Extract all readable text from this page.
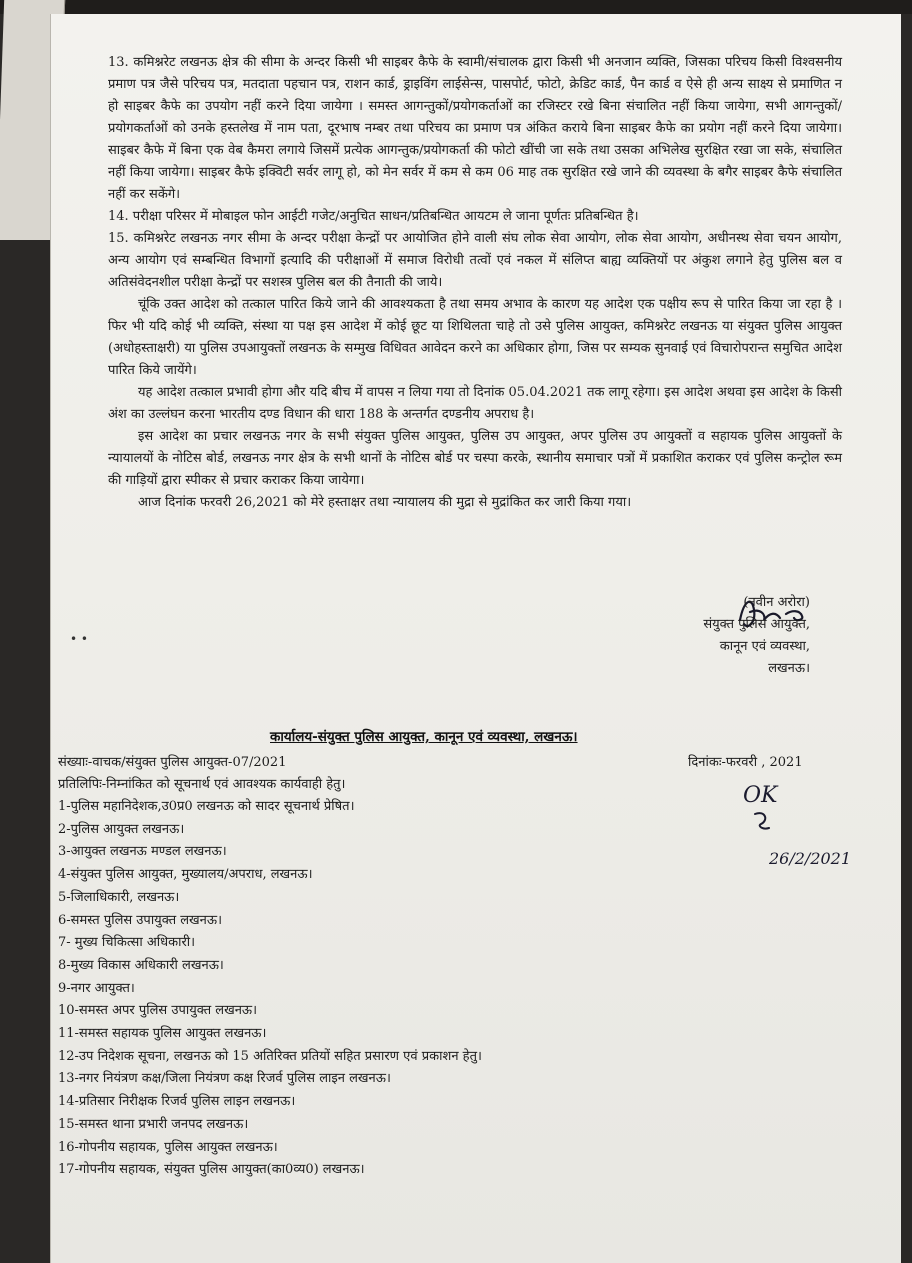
13. कमिश्नरेट लखनऊ क्षेत्र की सीमा के अन्दर किसी भी साइबर कैफे के स्वामी/संचालक द्वारा किसी भी अनजान व्यक्ति, जिसका परिचय किसी विश्वसनीय प्रमाण पत्र जैसे परिचय पत्र, मतदाता पहचान पत्र, राशन कार्ड, ड्राइविंग लाईसेन्स, पासपोर्ट, फोटो, क्रेडिट कार्ड, पैन कार्ड व ऐसे ही अन्य साक्ष्य से प्रमाणित न हो साइबर कैफे का उपयोग नहीं करने दिया जायेगा । समस्त आगन्तुकों/प्रयोगकर्ताओं का रजिस्टर रखे बिना संचालित नहीं किया जायेगा, सभी आगन्तुकों/प्रयोगकर्ताओं को उनके हस्तलेख में नाम पता, दूरभाष नम्बर तथा परिचय का प्रमाण पत्र अंकित कराये बिना साइबर कैफे का प्रयोग नहीं करने दिया जायेगा। साइबर कैफे में बिना एक वेब कैमरा लगाये जिसमें प्रत्येक आगन्तुक/प्रयोगकर्ता की फोटो खींची जा सके तथा उसका अभिलेख सुरक्षित रखा जा सके, संचालित नहीं किया जायेगा। साइबर कैफे इक्विटी सर्वर लागू हो, को मेन सर्वर में कम से कम 06 माह तक सुरक्षित रखे जाने की व्यवस्था के बगैर साइबर कैफे संचालित नहीं कर सकेंगे।

14. परीक्षा परिसर में मोबाइल फोन आईटी गजेट/अनुचित साधन/प्रतिबन्धित आयटम ले जाना पूर्णतः प्रतिबन्धित है।

15. कमिश्नरेट लखनऊ नगर सीमा के अन्दर परीक्षा केन्द्रों पर आयोजित होने वाली संघ लोक सेवा आयोग, लोक सेवा आयोग, अधीनस्थ सेवा चयन आयोग, अन्य आयोग एवं सम्बन्धित विभागों इत्यादि की परीक्षाओं में समाज विरोधी तत्वों एवं नकल में संलिप्त बाह्य व्यक्तियों पर अंकुश लगाने हेतु पुलिस बल व अतिसंवेदनशील परीक्षा केन्द्रों पर सशस्त्र पुलिस बल की तैनाती की जाये।

चूंकि उक्त आदेश को तत्काल पारित किये जाने की आवश्यकता है तथा समय अभाव के कारण यह आदेश एक पक्षीय रूप से पारित किया जा रहा है । फिर भी यदि कोई भी व्यक्ति, संस्था या पक्ष इस आदेश में कोई छूट या शिथिलता चाहे तो उसे पुलिस आयुक्त, कमिश्नरेट लखनऊ या संयुक्त पुलिस आयुक्त (अधोहस्ताक्षरी) या पुलिस उपआयुक्तों लखनऊ के सम्मुख विधिवत आवेदन करने का अधिकार होगा, जिस पर सम्यक सुनवाई एवं विचारोपरान्त समुचित आदेश पारित किये जायेंगे।

यह आदेश तत्काल प्रभावी होगा और यदि बीच में वापस न लिया गया तो दिनांक 05.04.2021 तक लागू रहेगा। इस आदेश अथवा इस आदेश के किसी अंश का उल्लंघन करना भारतीय दण्ड विधान की धारा 188 के अन्तर्गत दण्डनीय अपराध है।

इस आदेश का प्रचार लखनऊ नगर के सभी संयुक्त पुलिस आयुक्त, पुलिस उप आयुक्त, अपर पुलिस उप आयुक्तों व सहायक पुलिस आयुक्तों के न्यायालयों के नोटिस बोर्ड, लखनऊ नगर क्षेत्र के सभी थानों के नोटिस बोर्ड पर चस्पा करके, स्थानीय समाचार पत्रों में प्रकाशित कराकर एवं पुलिस कन्ट्रोल रूम की गाड़ियों द्वारा स्पीकर से प्रचार कराकर किया जायेगा।

आज दिनांक फरवरी 26,2021 को मेरे हस्ताक्षर तथा न्यायालय की मुद्रा से मुद्रांकित कर जारी किया गया।

• •
(नवीन अरोरा)
संयुक्त पुलिस आयुक्त,
कानून एवं व्यवस्था,
लखनऊ।
कार्यालय-संयुक्त पुलिस आयुक्त, कानून एवं व्यवस्था, लखनऊ।
संख्याः-वाचक/संयुक्त पुलिस आयुक्त-07/2021	दिनांकः-फरवरी , 2021
प्रतिलिपिः-निम्नांकित को सूचनार्थ एवं आवश्यक कार्यवाही हेतु।
1-पुलिस महानिदेशक,उ0प्र0 लखनऊ को सादर सूचनार्थ प्रेषित।
2-पुलिस आयुक्त लखनऊ।
3-आयुक्त लखनऊ मण्डल लखनऊ।
4-संयुक्त पुलिस आयुक्त, मुख्यालय/अपराध, लखनऊ।
5-जिलाधिकारी, लखनऊ।
6-समस्त पुलिस उपायुक्त लखनऊ।
7- मुख्य चिकित्सा अधिकारी।
8-मुख्य विकास अधिकारी लखनऊ।
9-नगर आयुक्त।
10-समस्त अपर पुलिस उपायुक्त लखनऊ।
11-समस्त सहायक पुलिस आयुक्त लखनऊ।
12-उप निदेशक सूचना, लखनऊ को 15 अतिरिक्त प्रतियों सहित प्रसारण एवं प्रकाशन हेतु।
13-नगर नियंत्रण कक्ष/जिला नियंत्रण कक्ष रिजर्व पुलिस लाइन लखनऊ।
14-प्रतिसार निरीक्षक रिजर्व पुलिस लाइन लखनऊ।
15-समस्त थाना प्रभारी जनपद लखनऊ।
16-गोपनीय सहायक, पुलिस आयुक्त लखनऊ।
17-गोपनीय सहायक, संयुक्त पुलिस आयुक्त(का0व्य0) लखनऊ।
OK
26/2/2021
